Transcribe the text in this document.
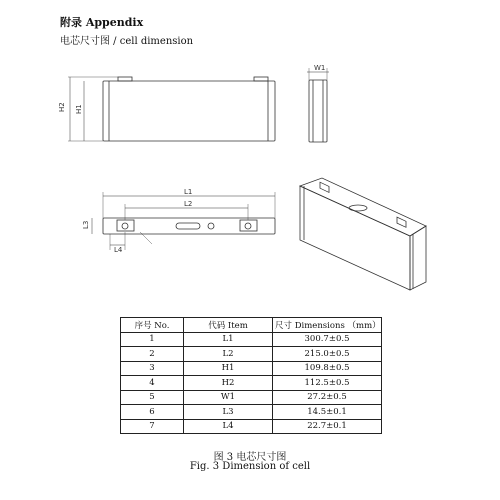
附录 Appendix
电芯尺寸图 / cell dimension
H2 H1
W1
L1
L2
L3
L4
序号 No.	代码 Item	尺寸 Dimensions （mm）
1	L1	300.7±0.5
2	L2	215.0±0.5
3	H1	109.8±0.5
4	H2	112.5±0.5
5	W1	27.2±0.5
6	L3	14.5±0.1
7	L4	22.7±0.1
图 3 电芯尺寸图
Fig. 3 Dimension of cell
